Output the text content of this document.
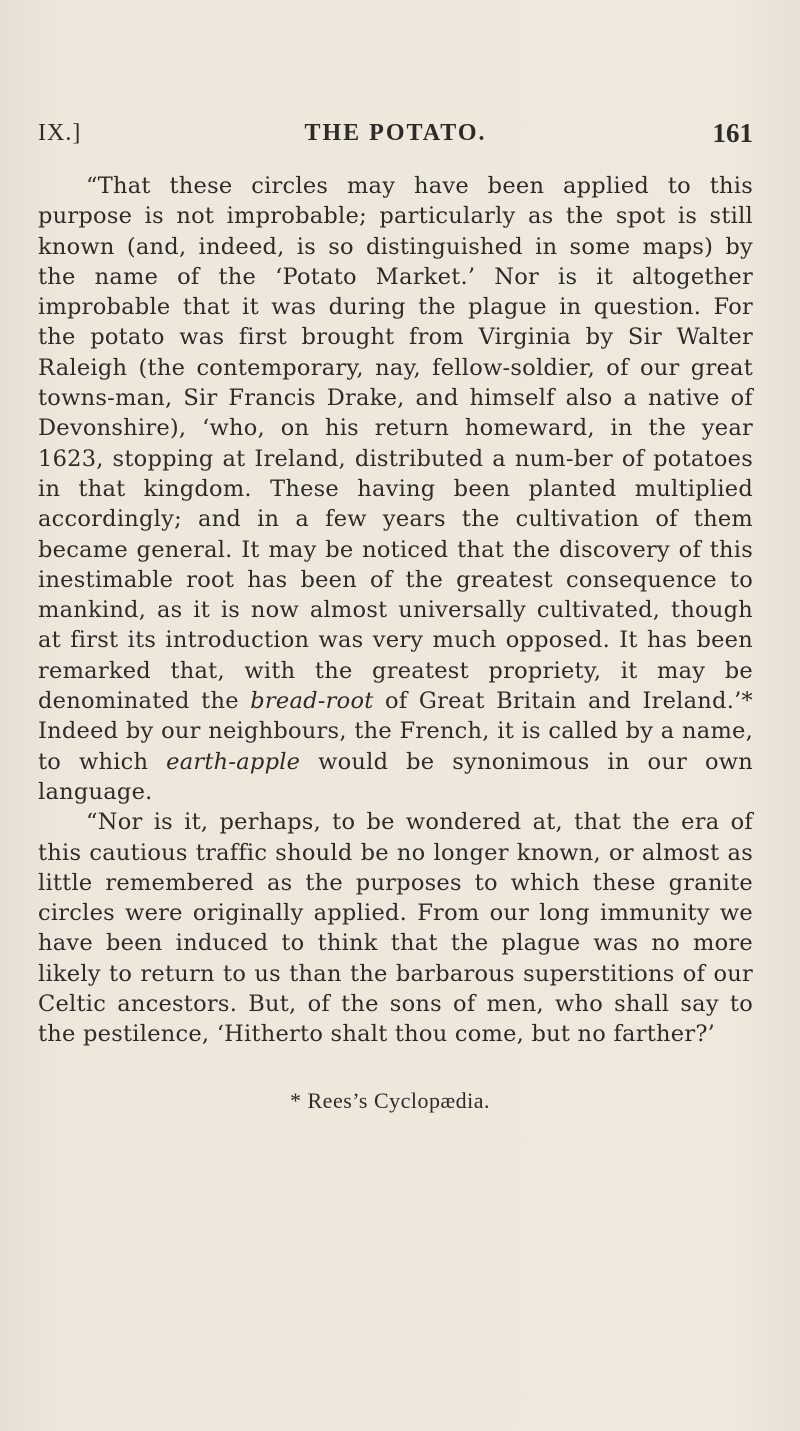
IX.]	THE POTATO.	161

“That these circles may have been applied to this purpose is not improbable; particularly as the spot is still known (and, indeed, is so distinguished in some maps) by the name of the ‘Potato Market.’ Nor is it altogether improbable that it was during the plague in question. For the potato was first brought from Virginia by Sir Walter Raleigh (the contemporary, nay, fellow-soldier, of our great towns-man, Sir Francis Drake, and himself also a native of Devonshire), ‘who, on his return homeward, in the year 1623, stopping at Ireland, distributed a num-ber of potatoes in that kingdom. These having been planted multiplied accordingly; and in a few years the cultivation of them became general. It may be noticed that the discovery of this inestimable root has been of the greatest consequence to mankind, as it is now almost universally cultivated, though at first its introduction was very much opposed. It has been remarked that, with the greatest propriety, it may be denominated the bread-root of Great Britain and Ireland.’* Indeed by our neighbours, the French, it is called by a name, to which earth-apple would be synonimous in our own language.

“Nor is it, perhaps, to be wondered at, that the era of this cautious traffic should be no longer known, or almost as little remembered as the purposes to which these granite circles were originally applied. From our long immunity we have been induced to think that the plague was no more likely to return to us than the barbarous superstitions of our Celtic ancestors. But, of the sons of men, who shall say to the pestilence, ‘Hitherto shalt thou come, but no farther?’

* Rees’s Cyclopædia.
